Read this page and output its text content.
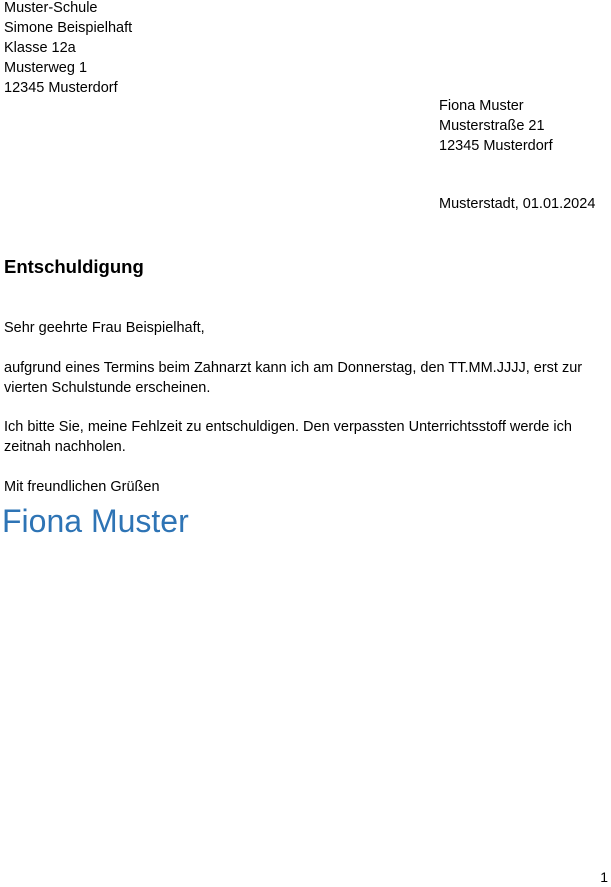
Muster-Schule
Simone Beispielhaft
Klasse 12a
Musterweg 1
12345 Musterdorf
Fiona Muster
Musterstraße 21
12345 Musterdorf
Musterstadt, 01.01.2024
Entschuldigung
Sehr geehrte Frau Beispielhaft,
aufgrund eines Termins beim Zahnarzt kann ich am Donnerstag, den TT.MM.JJJJ, erst zur vierten Schulstunde erscheinen.
Ich bitte Sie, meine Fehlzeit zu entschuldigen. Den verpassten Unterrichtsstoff werde ich zeitnah nachholen.
Mit freundlichen Grüßen
Fiona Muster
1
